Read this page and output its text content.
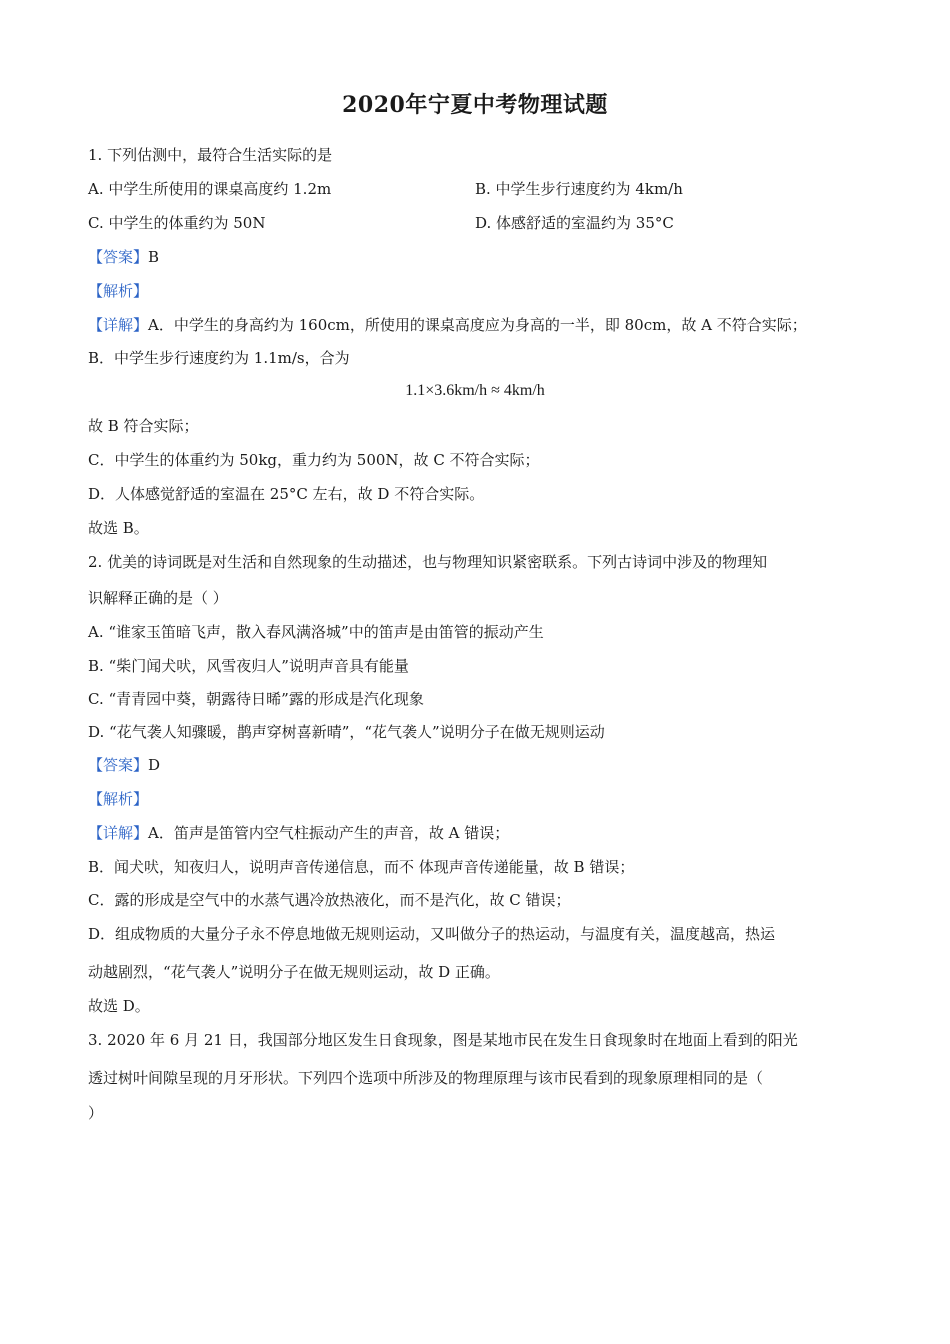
2020年宁夏中考物理试题
1. 下列估测中，最符合生活实际的是
A. 中学生所使用的课桌高度约 1.2m	B. 中学生步行速度约为 4km/h
C. 中学生的体重约为 50N	D. 体感舒适的室温约为 35°C
【答案】B
【解析】
【详解】A．中学生的身高约为 160cm，所使用的课桌高度应为身高的一半，即 80cm，故 A 不符合实际；
B．中学生步行速度约为 1.1m/s，合为
1.1×3.6km/h ≈ 4km/h
故 B 符合实际；
C．中学生的体重约为 50kg，重力约为 500N，故 C 不符合实际；
D．人体感觉舒适的室温在 25°C 左右，故 D 不符合实际。
故选 B。
2. 优美的诗词既是对生活和自然现象的生动描述，也与物理知识紧密联系。下列古诗词中涉及的物理知
识解释正确的是（ ）
A. “谁家玉笛暗飞声，散入春风满洛城”中的笛声是由笛管的振动产生
B. “柴门闻犬吠，风雪夜归人”说明声音具有能量
C. “青青园中葵，朝露待日晞”露的形成是汽化现象
D. “花气袭人知骤暖，鹊声穿树喜新晴”，“花气袭人”说明分子在做无规则运动
【答案】D
【解析】
【详解】A．笛声是笛管内空气柱振动产生的声音，故 A 错误；
B．闻犬吠，知夜归人，说明声音传递信息，而不 体现声音传递能量，故 B 错误；
C．露的形成是空气中的水蒸气遇冷放热液化，而不是汽化，故 C 错误；
D．组成物质的大量分子永不停息地做无规则运动，又叫做分子的热运动，与温度有关，温度越高，热运
动越剧烈，“花气袭人”说明分子在做无规则运动，故 D 正确。
故选 D。
3. 2020 年 6 月 21 日，我国部分地区发生日食现象，图是某地市民在发生日食现象时在地面上看到的阳光
透过树叶间隙呈现的月牙形状。下列四个选项中所涉及的物理原理与该市民看到的现象原理相同的是（
）
